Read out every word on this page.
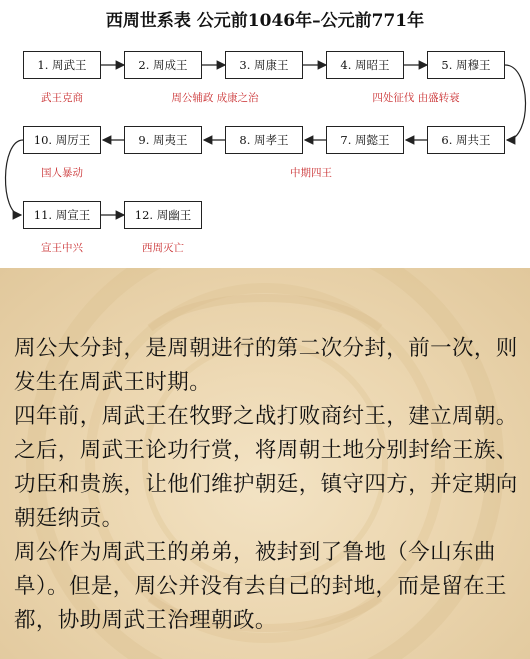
西周世系表 公元前1046年–公元前771年
1. 周武王	2. 周成王	3. 周康王	4. 周昭王	5. 周穆王
6. 周共王
7. 周懿王
8. 周孝王
9. 周夷王
10. 周厉王
11. 周宣王	12. 周幽王
武王克商	周公辅政 成康之治	四处征伐 由盛转衰
中期四王
国人暴动
宣王中兴	西周灭亡
周公大分封，是周朝进行的第二次分封，前一次，则发生在周武王时期。
四年前，周武王在牧野之战打败商纣王，建立周朝。之后，周武王论功行赏，将周朝土地分别封给王族、功臣和贵族，让他们维护朝廷，镇守四方，并定期向朝廷纳贡。
周公作为周武王的弟弟，被封到了鲁地（今山东曲阜）。但是，周公并没有去自己的封地，而是留在王都，协助周武王治理朝政。
